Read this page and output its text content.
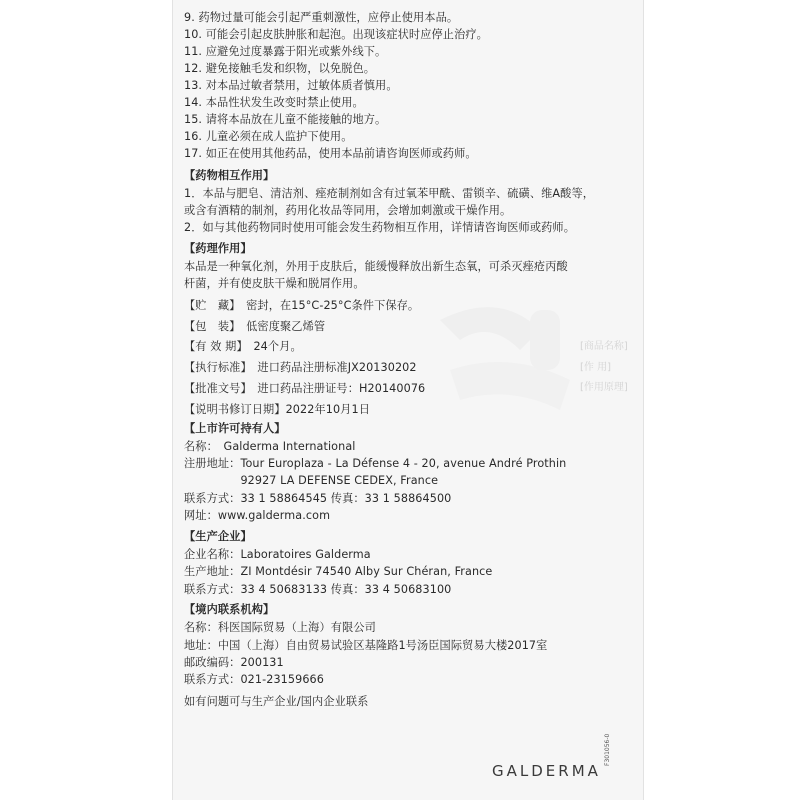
[商品名称]
[作 用]
[作用原理]
9. 药物过量可能会引起严重刺激性，应停止使用本品。
10. 可能会引起皮肤肿胀和起泡。出现该症状时应停止治疗。
11. 应避免过度暴露于阳光或紫外线下。
12. 避免接触毛发和织物，以免脱色。
13. 对本品过敏者禁用，过敏体质者慎用。
14. 本品性状发生改变时禁止使用。
15. 请将本品放在儿童不能接触的地方。
16. 儿童必须在成人监护下使用。
17. 如正在使用其他药品，使用本品前请咨询医师或药师。
【药物相互作用】
1．本品与肥皂、清洁剂、痤疮制剂如含有过氧苯甲酰、雷锁辛、硫磺、维A酸等，
或含有酒精的制剂，药用化妆品等同用，会增加刺激或干燥作用。
2．如与其他药物同时使用可能会发生药物相互作用，详情请咨询医师或药师。
【药理作用】
本品是一种氧化剂，外用于皮肤后，能缓慢释放出新生态氧，可杀灭痤疮丙酸
杆菌，并有使皮肤干燥和脱屑作用。
【贮　藏】　密封，在15°C-25°C条件下保存。
【包　装】　低密度聚乙烯管
【有 效 期】　24个月。
【执行标准】　进口药品注册标准JX20130202
【批准文号】　进口药品注册证号：H20140076
【说明书修订日期】2022年10月1日
【上市许可持有人】
名称：　Galderma International
注册地址：Tour Europlaza - La Défense 4 - 20, avenue André Prothin
　　　　　92927 LA DEFENSE CEDEX, France
联系方式：33 1 58864545 传真：33 1 58864500
网址：www.galderma.com
【生产企业】
企业名称：Laboratoires Galderma
生产地址：ZI Montdésir 74540 Alby Sur Chéran, France
联系方式：33 4 50683133 传真：33 4 50683100
【境内联系机构】
名称：科医国际贸易（上海）有限公司
地址：中国（上海）自由贸易试验区基隆路1号汤臣国际贸易大楼2017室
邮政编码：200131
联系方式：021-23159666
如有问题可与生产企业/国内企业联系
GALDERMA
F301056-0
